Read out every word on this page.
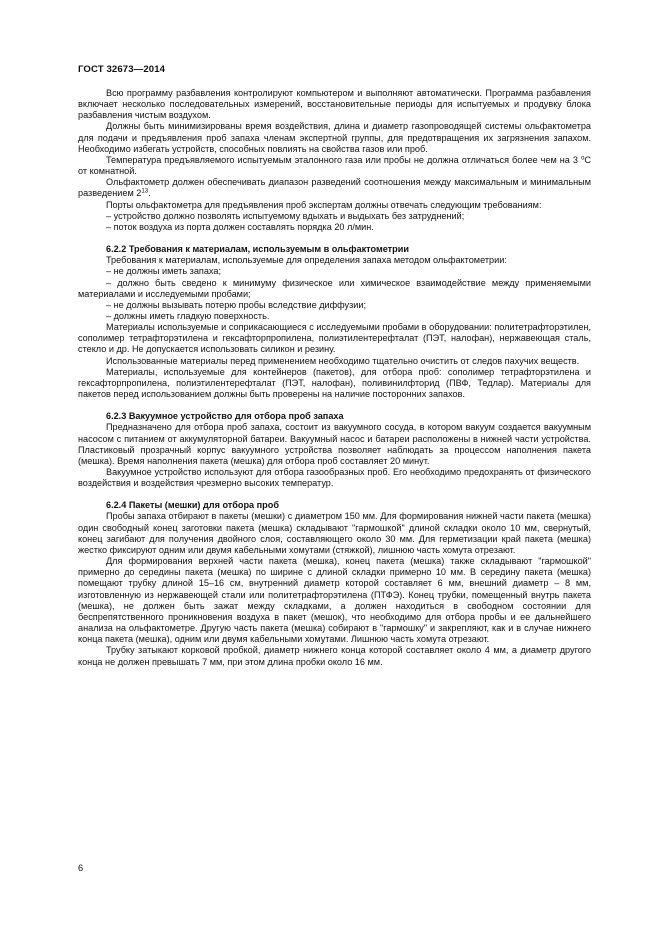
ГОСТ 32673—2014
Всю программу разбавления контролируют компьютером и выполняют автоматически. Программа разбавления включает несколько последовательных измерений, восстановительные периоды для испытуемых и продувку блока разбавления чистым воздухом.
Должны быть минимизированы время воздействия, длина и диаметр газопроводящей системы ольфактометра для подачи и предъявления проб запаха членам экспертной группы, для предотвращения их загрязнения запахом. Необходимо избегать устройств, способных повлиять на свойства газов или проб.
Температура предъявляемого испытуемым эталонного газа или пробы не должна отличаться более чем на 3 $^о$С от комнатной.
Ольфактометр должен обеспечивать диапазон разведений соотношения между максимальным и минимальным разведением $2^{13}$.
Порты ольфактометра для предъявления проб экспертам должны отвечать следующим требованиям:
– устройство должно позволять испытуемому вдыхать и выдыхать без затруднений;
– поток воздуха из порта должен составлять порядка 20 л/мин.
6.2.2 Требования к материалам, используемым в ольфактометрии
Требования к материалам, используемые для определения запаха методом ольфактометрии:
– не должны иметь запаха;
– должно быть сведено к минимуму физическое или химическое взаимодействие между применяемыми материалами и исследуемыми пробами;
– не должны вызывать потерю пробы вследствие диффузии;
– должны иметь гладкую поверхность.
Материалы используемые и соприкасающиеся с исследуемыми пробами в оборудовании: политетрафторэтилен, сополимер тетрафторэтилена и гексафторпропилена, полиэтилентерефталат (ПЭТ, налофан), нержавеющая сталь, стекло и др. Не допускается использовать силикон и резину.
Использованные материалы перед применением необходимо тщательно очистить от следов пахучих веществ.
Материалы, используемые для контейнеров (пакетов), для отбора проб: сополимер тетрафторэтилена и гексафторпропилена, полиэтилентерефталат (ПЭТ, налофан), поливинилфторид (ПВФ, Тедлар). Материалы для пакетов перед использованием должны быть проверены на наличие посторонних запахов.
6.2.3 Вакуумное устройство для отбора проб запаха
Предназначено для отбора проб запаха, состоит из вакуумного сосуда, в котором вакуум создается вакуумным насосом с питанием от аккумуляторной батареи. Вакуумный насос и батареи расположены в нижней части устройства. Пластиковый прозрачный корпус вакуумного устройства позволяет наблюдать за процессом наполнения пакета (мешка). Время наполнения пакета (мешка) для отбора проб составляет 20 минут.
Вакуумное устройство используют для отбора газообразных проб. Его необходимо предохранять от физического воздействия и воздействия чрезмерно высоких температур.
6.2.4 Пакеты (мешки) для отбора проб
Пробы запаха отбирают в пакеты (мешки) с диаметром 150 мм. Для формирования нижней части пакета (мешка) один свободный конец заготовки пакета (мешка) складывают "гармошкой" длиной складки около 10 мм, свернутый, конец загибают для получения двойного слоя, составляющего около 30 мм. Для герметизации край пакета (мешка) жестко фиксируют одним или двумя кабельными хомутами (стяжкой), лишнюю часть хомута отрезают.
Для формирования верхней части пакета (мешка), конец пакета (мешка) также складывают "гармошкой" примерно до середины пакета (мешка) по ширине с длиной складки примерно 10 мм. В середину пакета (мешка) помещают трубку длиной 15–16 см, внутренний диаметр которой составляет 6 мм, внешний диаметр – 8 мм, изготовленную из нержавеющей стали или политетрафторэтилена (ПТФЭ). Конец трубки, помещенный внутрь пакета (мешка), не должен быть зажат между складками, а должен находиться в свободном состоянии для беспрепятственного проникновения воздуха в пакет (мешок), что необходимо для отбора пробы и ее дальнейшего анализа на ольфактометре. Другую часть пакета (мешка) собирают в "гармошку" и закрепляют, как и в случае нижнего конца пакета (мешка), одним или двумя кабельными хомутами. Лишнюю часть хомута отрезают.
Трубку затыкают корковой пробкой, диаметр нижнего конца которой составляет около 4 мм, а диаметр другого конца не должен превышать 7 мм, при этом длина пробки около 16 мм.
6
